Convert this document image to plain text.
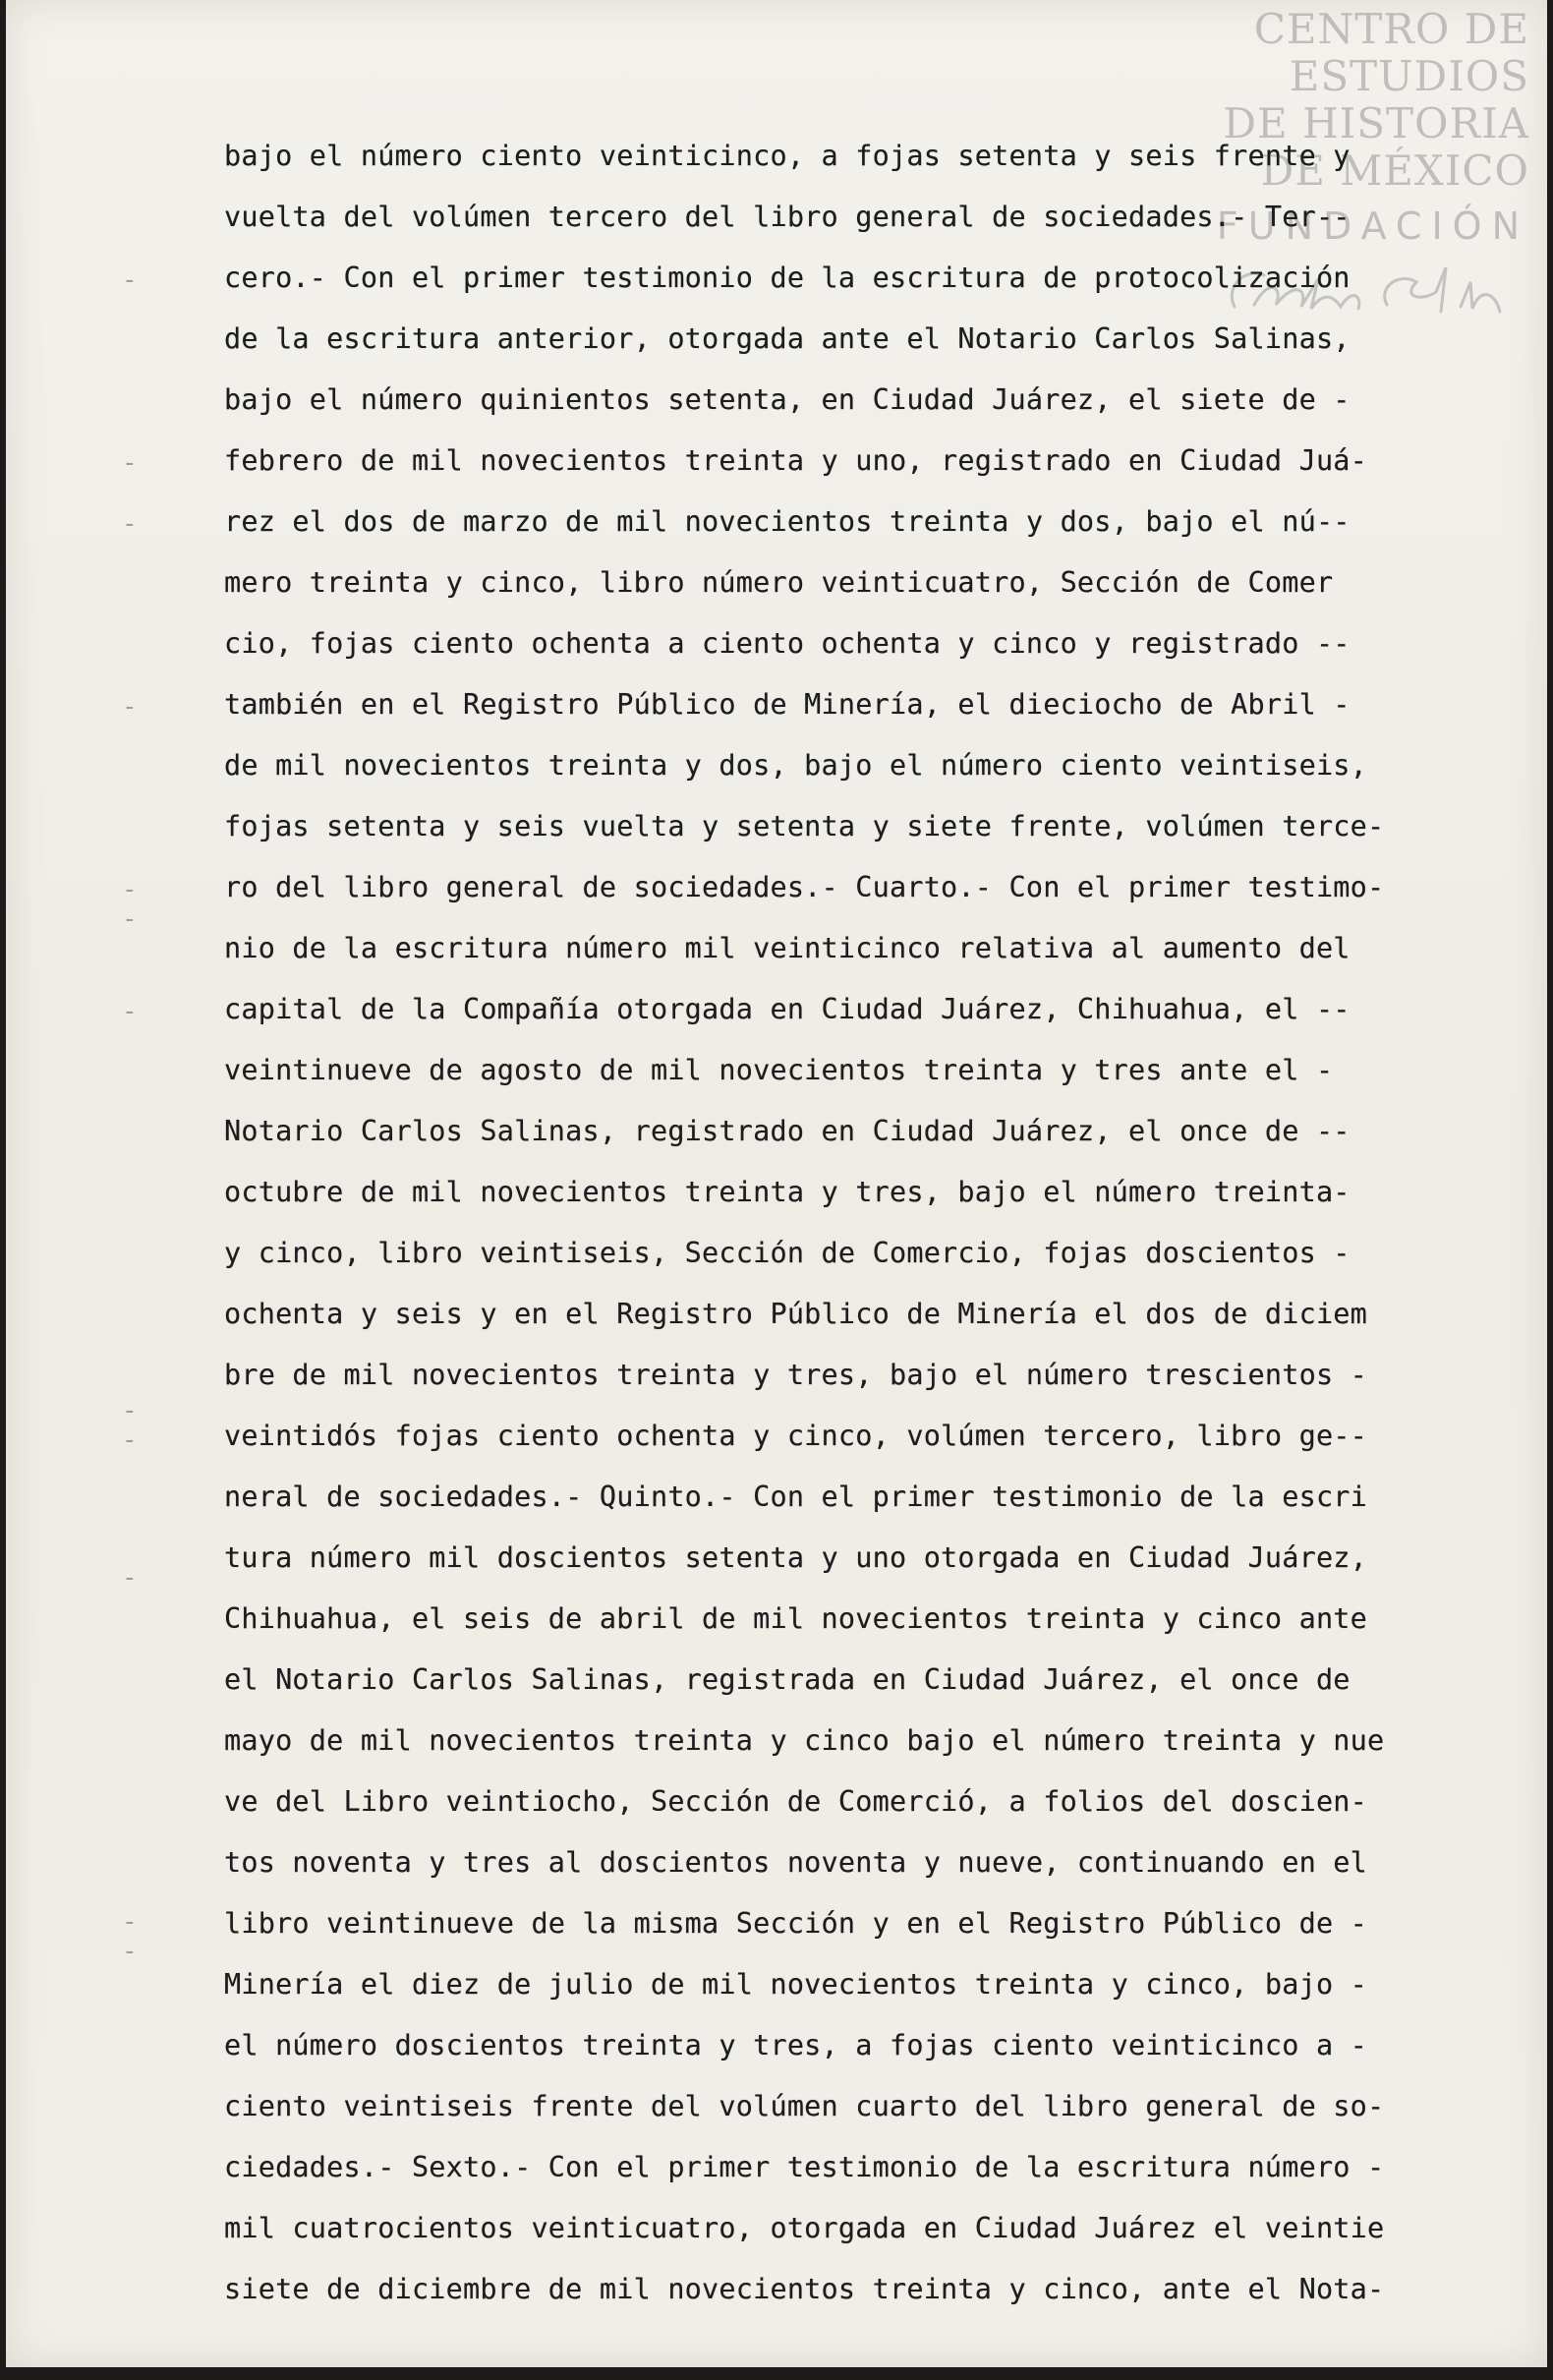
CENTRO DE
ESTUDIOS
DE HISTORIA
DE MÉXICO
FUNDACIÓN
-
-
-
-
--
-
--
-
--
bajo el número ciento veinticinco, a fojas setenta y seis frente y
vuelta del volúmen tercero del libro general de sociedades.- Ter--
cero.- Con el primer testimonio de la escritura de protocolización
de la escritura anterior, otorgada ante el Notario Carlos Salinas,
bajo el número quinientos setenta, en Ciudad Juárez, el siete de -
febrero de mil novecientos treinta y uno, registrado en Ciudad Juá-
rez el dos de marzo de mil novecientos treinta y dos, bajo el nú--
mero treinta y cinco, libro número veinticuatro, Sección de Comer
cio, fojas ciento ochenta a ciento ochenta y cinco y registrado --
también en el Registro Público de Minería, el dieciocho de Abril -
de mil novecientos treinta y dos, bajo el número ciento veintiseis,
fojas setenta y seis vuelta y setenta y siete frente, volúmen terce-
ro del libro general de sociedades.- Cuarto.- Con el primer testimo-
nio de la escritura número mil veinticinco relativa al aumento del
capital de la Compañía otorgada en Ciudad Juárez, Chihuahua, el --
veintinueve de agosto de mil novecientos treinta y tres ante el -
Notario Carlos Salinas, registrado en Ciudad Juárez, el once de --
octubre de mil novecientos treinta y tres, bajo el número treinta-
y cinco, libro veintiseis, Sección de Comercio, fojas doscientos -
ochenta y seis y en el Registro Público de Minería el dos de diciem
bre de mil novecientos treinta y tres, bajo el número trescientos -
veintidós fojas ciento ochenta y cinco, volúmen tercero, libro ge--
neral de sociedades.- Quinto.- Con el primer testimonio de la escri
tura número mil doscientos setenta y uno otorgada en Ciudad Juárez,
Chihuahua, el seis de abril de mil novecientos treinta y cinco ante
el Notario Carlos Salinas, registrada en Ciudad Juárez, el once de
mayo de mil novecientos treinta y cinco bajo el número treinta y nue
ve del Libro veintiocho, Sección de Comerció, a folios del doscien-
tos noventa y tres al doscientos noventa y nueve, continuando en el
libro veintinueve de la misma Sección y en el Registro Público de -
Minería el diez de julio de mil novecientos treinta y cinco, bajo -
el número doscientos treinta y tres, a fojas ciento veinticinco a -
ciento veintiseis frente del volúmen cuarto del libro general de so-
ciedades.- Sexto.- Con el primer testimonio de la escritura número -
mil cuatrocientos veinticuatro, otorgada en Ciudad Juárez el veintie
siete de diciembre de mil novecientos treinta y cinco, ante el Nota-
